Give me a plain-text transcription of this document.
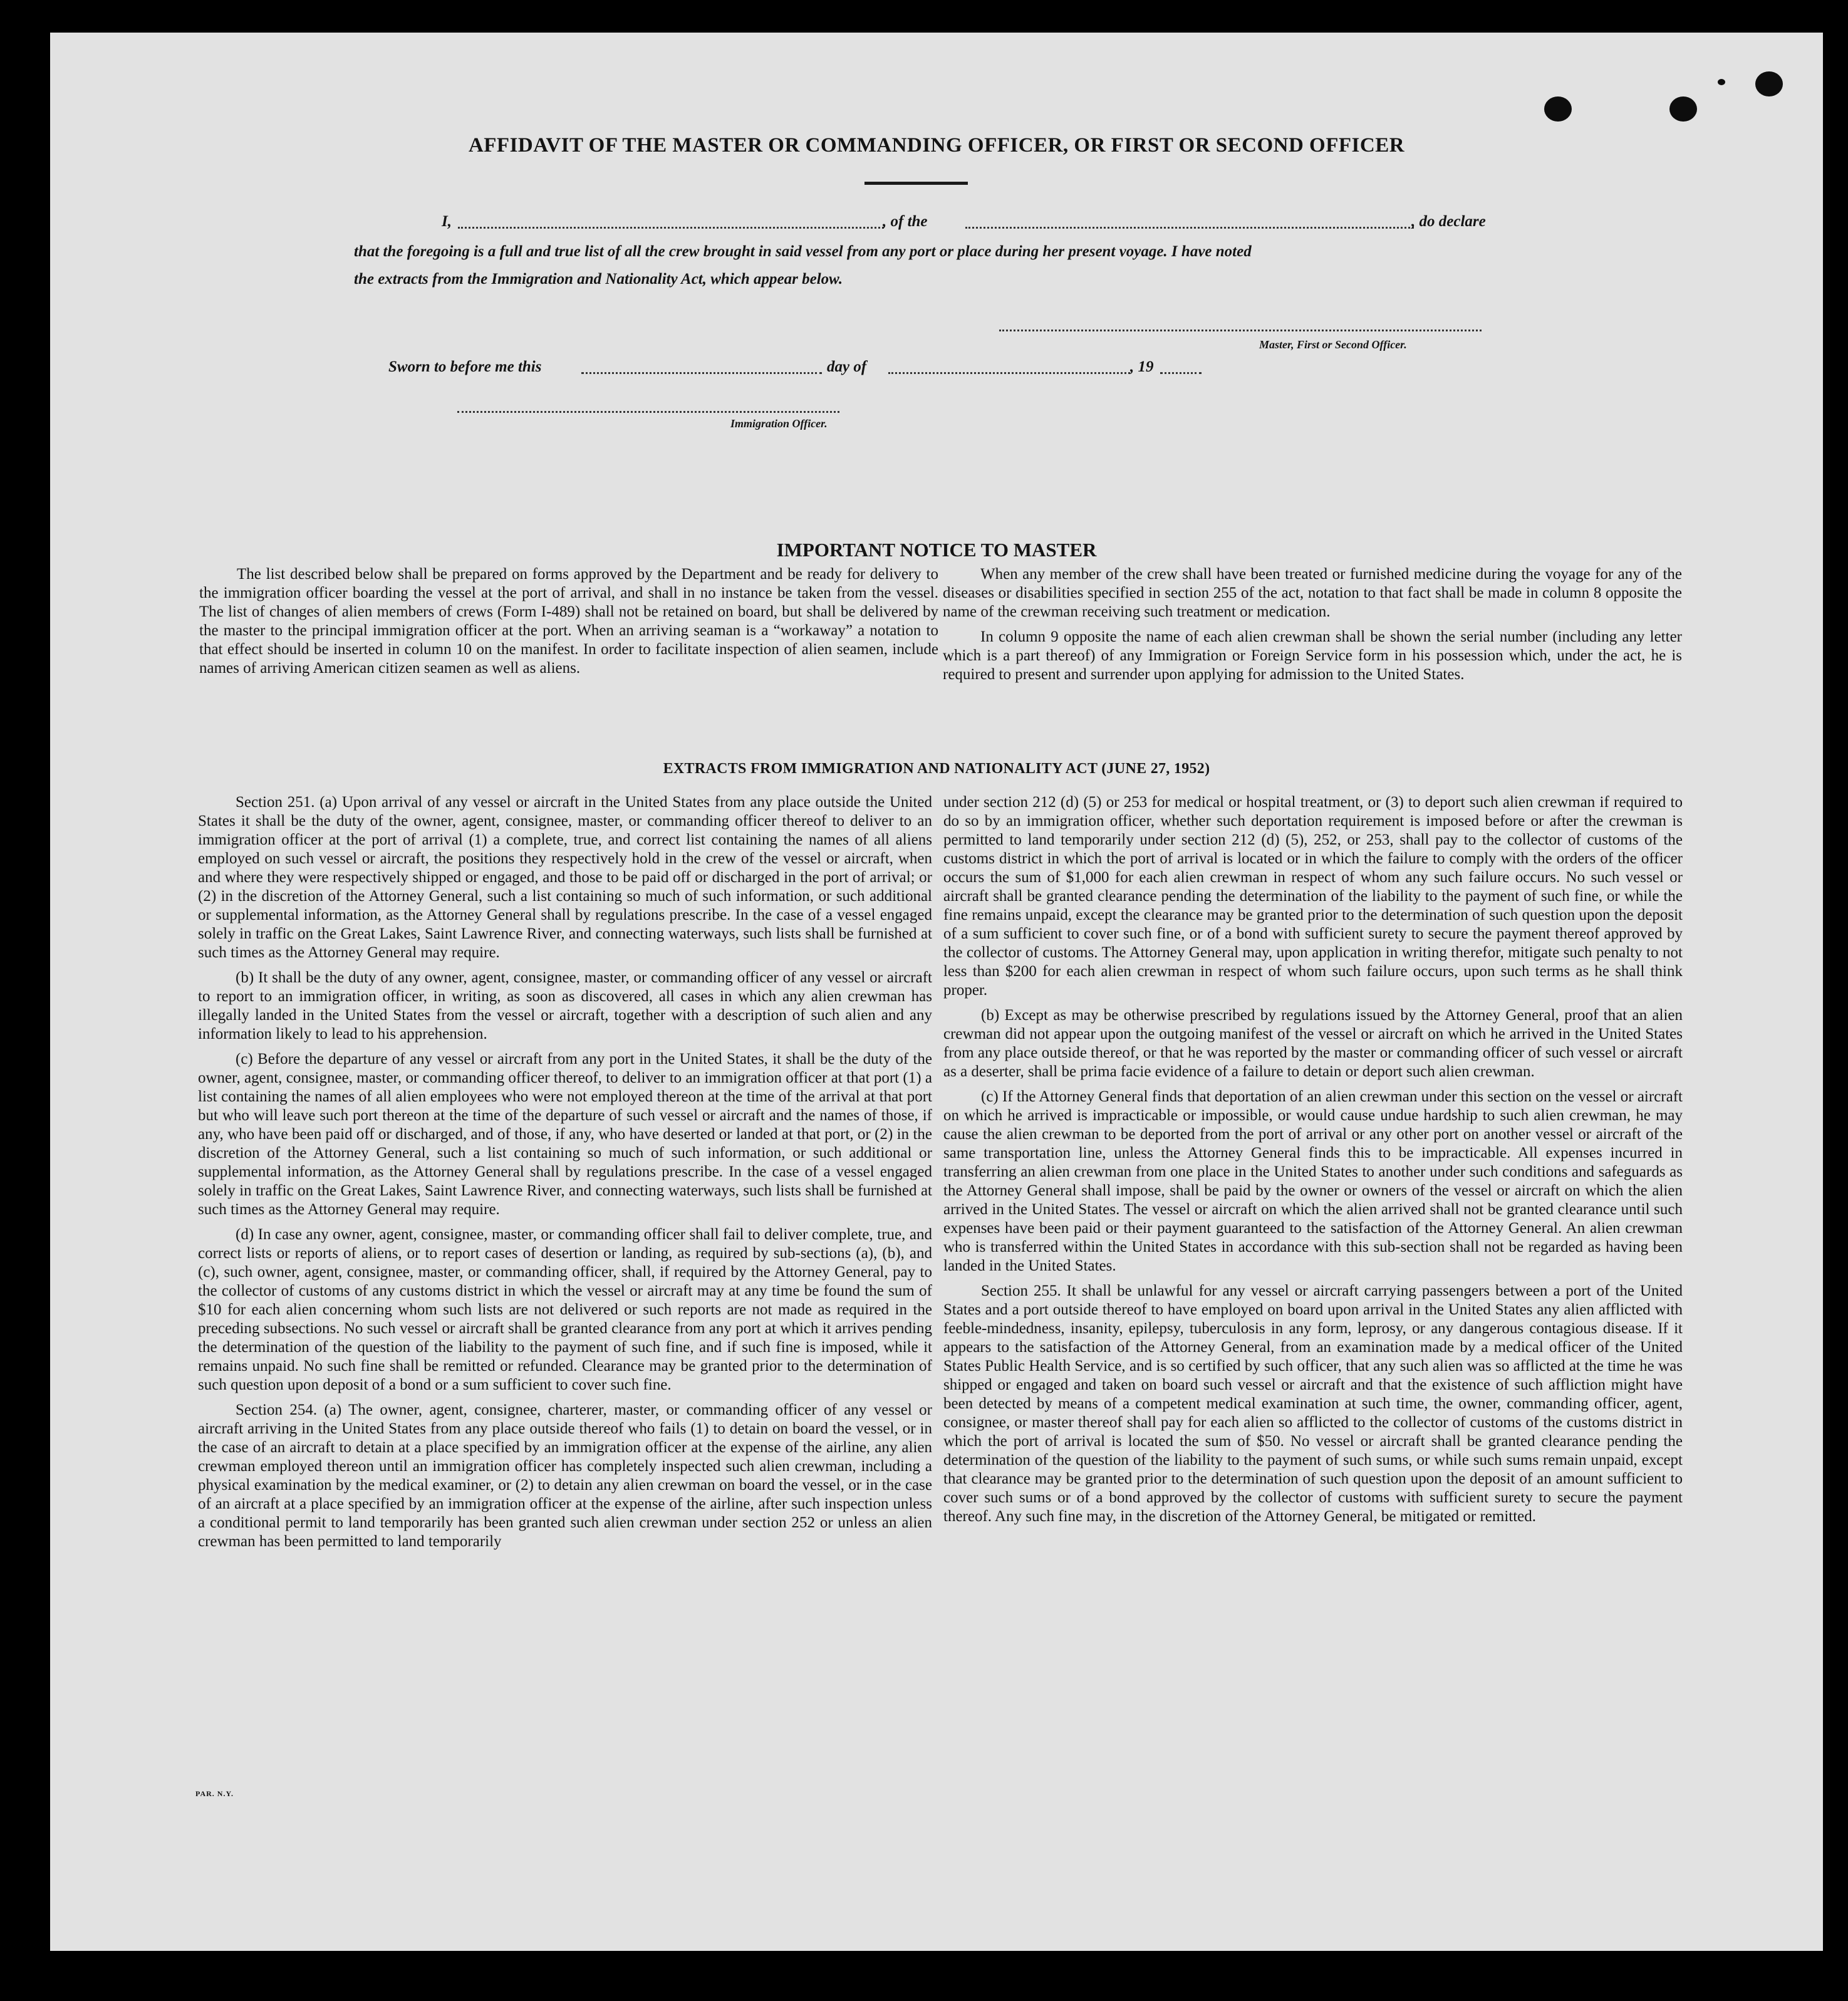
AFFIDAVIT OF THE MASTER OR COMMANDING OFFICER, OR FIRST OR SECOND OFFICER
I,	, of the	, do declare
that the foregoing is a full and true list of all the crew brought in said vessel from any port or place during her present voyage. I have noted
the extracts from the Immigration and Nationality Act, which appear below.
Master, First or Second Officer.
Sworn to before me this	day of	, 19
Immigration Officer.
IMPORTANT NOTICE TO MASTER

The list described below shall be prepared on forms approved by the Department and be ready for delivery to the immigration officer boarding the vessel at the port of arrival, and shall in no instance be taken from the vessel. The list of changes of alien members of crews (Form I-489) shall not be retained on board, but shall be delivered by the master to the principal immigration officer at the port. When an arriving seaman is a “workaway” a notation to that effect should be inserted in column 10 on the manifest. In order to facilitate inspection of alien seamen, include names of arriving American citizen seamen as well as aliens.

When any member of the crew shall have been treated or furnished medicine during the voyage for any of the diseases or disabilities specified in section 255 of the act, notation to that fact shall be made in column 8 opposite the name of the crewman receiving such treatment or medication.

In column 9 opposite the name of each alien crewman shall be shown the serial number (including any letter which is a part thereof) of any Immigration or Foreign Service form in his possession which, under the act, he is required to present and surrender upon applying for admission to the United States.

EXTRACTS FROM IMMIGRATION AND NATIONALITY ACT (JUNE 27, 1952)

Section 251. (a) Upon arrival of any vessel or aircraft in the United States from any place outside the United States it shall be the duty of the owner, agent, consignee, master, or commanding officer thereof to deliver to an immigration officer at the port of arrival (1) a complete, true, and correct list containing the names of all aliens employed on such vessel or aircraft, the positions they respectively hold in the crew of the vessel or aircraft, when and where they were respectively shipped or engaged, and those to be paid off or discharged in the port of arrival; or (2) in the discretion of the Attorney General, such a list containing so much of such information, or such additional or supplemental information, as the Attorney General shall by regulations prescribe. In the case of a vessel engaged solely in traffic on the Great Lakes, Saint Lawrence River, and connecting waterways, such lists shall be furnished at such times as the Attorney General may require.

(b) It shall be the duty of any owner, agent, consignee, master, or commanding officer of any vessel or aircraft to report to an immigration officer, in writing, as soon as discovered, all cases in which any alien crewman has illegally landed in the United States from the vessel or aircraft, together with a description of such alien and any information likely to lead to his apprehension.

(c) Before the departure of any vessel or aircraft from any port in the United States, it shall be the duty of the owner, agent, consignee, master, or commanding officer thereof, to deliver to an immigration officer at that port (1) a list containing the names of all alien employees who were not employed thereon at the time of the arrival at that port but who will leave such port thereon at the time of the departure of such vessel or aircraft and the names of those, if any, who have been paid off or discharged, and of those, if any, who have deserted or landed at that port, or (2) in the discretion of the Attorney General, such a list containing so much of such information, or such additional or supplemental information, as the Attorney General shall by regulations prescribe. In the case of a vessel engaged solely in traffic on the Great Lakes, Saint Lawrence River, and connecting waterways, such lists shall be furnished at such times as the Attorney General may require.

(d) In case any owner, agent, consignee, master, or commanding officer shall fail to deliver complete, true, and correct lists or reports of aliens, or to report cases of desertion or landing, as required by sub-sections (a), (b), and (c), such owner, agent, consignee, master, or commanding officer, shall, if required by the Attorney General, pay to the collector of customs of any customs district in which the vessel or aircraft may at any time be found the sum of $10 for each alien concerning whom such lists are not delivered or such reports are not made as required in the preceding subsections. No such vessel or aircraft shall be granted clearance from any port at which it arrives pending the determination of the question of the liability to the payment of such fine, and if such fine is imposed, while it remains unpaid. No such fine shall be remitted or refunded. Clearance may be granted prior to the determination of such question upon deposit of a bond or a sum sufficient to cover such fine.

Section 254. (a) The owner, agent, consignee, charterer, master, or commanding officer of any vessel or aircraft arriving in the United States from any place outside thereof who fails (1) to detain on board the vessel, or in the case of an aircraft to detain at a place specified by an immigration officer at the expense of the airline, any alien crewman employed thereon until an immigration officer has completely inspected such alien crewman, including a physical examination by the medical examiner, or (2) to detain any alien crewman on board the vessel, or in the case of an aircraft at a place specified by an immigration officer at the expense of the airline, after such inspection unless a conditional permit to land temporarily has been granted such alien crewman under section 252 or unless an alien crewman has been permitted to land temporarily

PAR. N.Y.

under section 212 (d) (5) or 253 for medical or hospital treatment, or (3) to deport such alien crewman if required to do so by an immigration officer, whether such deportation requirement is imposed before or after the crewman is permitted to land temporarily under section 212 (d) (5), 252, or 253, shall pay to the collector of customs of the customs district in which the port of arrival is located or in which the failure to comply with the orders of the officer occurs the sum of $1,000 for each alien crewman in respect of whom any such failure occurs. No such vessel or aircraft shall be granted clearance pending the determination of the liability to the payment of such fine, or while the fine remains unpaid, except the clearance may be granted prior to the determination of such question upon the deposit of a sum sufficient to cover such fine, or of a bond with sufficient surety to secure the payment thereof approved by the collector of customs. The Attorney General may, upon application in writing therefor, mitigate such penalty to not less than $200 for each alien crewman in respect of whom such failure occurs, upon such terms as he shall think proper.

(b) Except as may be otherwise prescribed by regulations issued by the Attorney General, proof that an alien crewman did not appear upon the outgoing manifest of the vessel or aircraft on which he arrived in the United States from any place outside thereof, or that he was reported by the master or commanding officer of such vessel or aircraft as a deserter, shall be prima facie evidence of a failure to detain or deport such alien crewman.

(c) If the Attorney General finds that deportation of an alien crewman under this section on the vessel or aircraft on which he arrived is impracticable or impossible, or would cause undue hardship to such alien crewman, he may cause the alien crewman to be deported from the port of arrival or any other port on another vessel or aircraft of the same transportation line, unless the Attorney General finds this to be impracticable. All expenses incurred in transferring an alien crewman from one place in the United States to another under such conditions and safeguards as the Attorney General shall impose, shall be paid by the owner or owners of the vessel or aircraft on which the alien arrived in the United States. The vessel or aircraft on which the alien arrived shall not be granted clearance until such expenses have been paid or their payment guaranteed to the satisfaction of the Attorney General. An alien crewman who is transferred within the United States in accordance with this sub-section shall not be regarded as having been landed in the United States.

Section 255. It shall be unlawful for any vessel or aircraft carrying passengers between a port of the United States and a port outside thereof to have employed on board upon arrival in the United States any alien afflicted with feeble-mindedness, insanity, epilepsy, tuberculosis in any form, leprosy, or any dangerous contagious disease. If it appears to the satisfaction of the Attorney General, from an examination made by a medical officer of the United States Public Health Service, and is so certified by such officer, that any such alien was so afflicted at the time he was shipped or engaged and taken on board such vessel or aircraft and that the existence of such affliction might have been detected by means of a competent medical examination at such time, the owner, commanding officer, agent, consignee, or master thereof shall pay for each alien so afflicted to the collector of customs of the customs district in which the port of arrival is located the sum of $50. No vessel or aircraft shall be granted clearance pending the determination of the question of the liability to the payment of such sums, or while such sums remain unpaid, except that clearance may be granted prior to the determination of such question upon the deposit of an amount sufficient to cover such sums or of a bond approved by the collector of customs with sufficient surety to secure the payment thereof. Any such fine may, in the discretion of the Attorney General, be mitigated or remitted.
